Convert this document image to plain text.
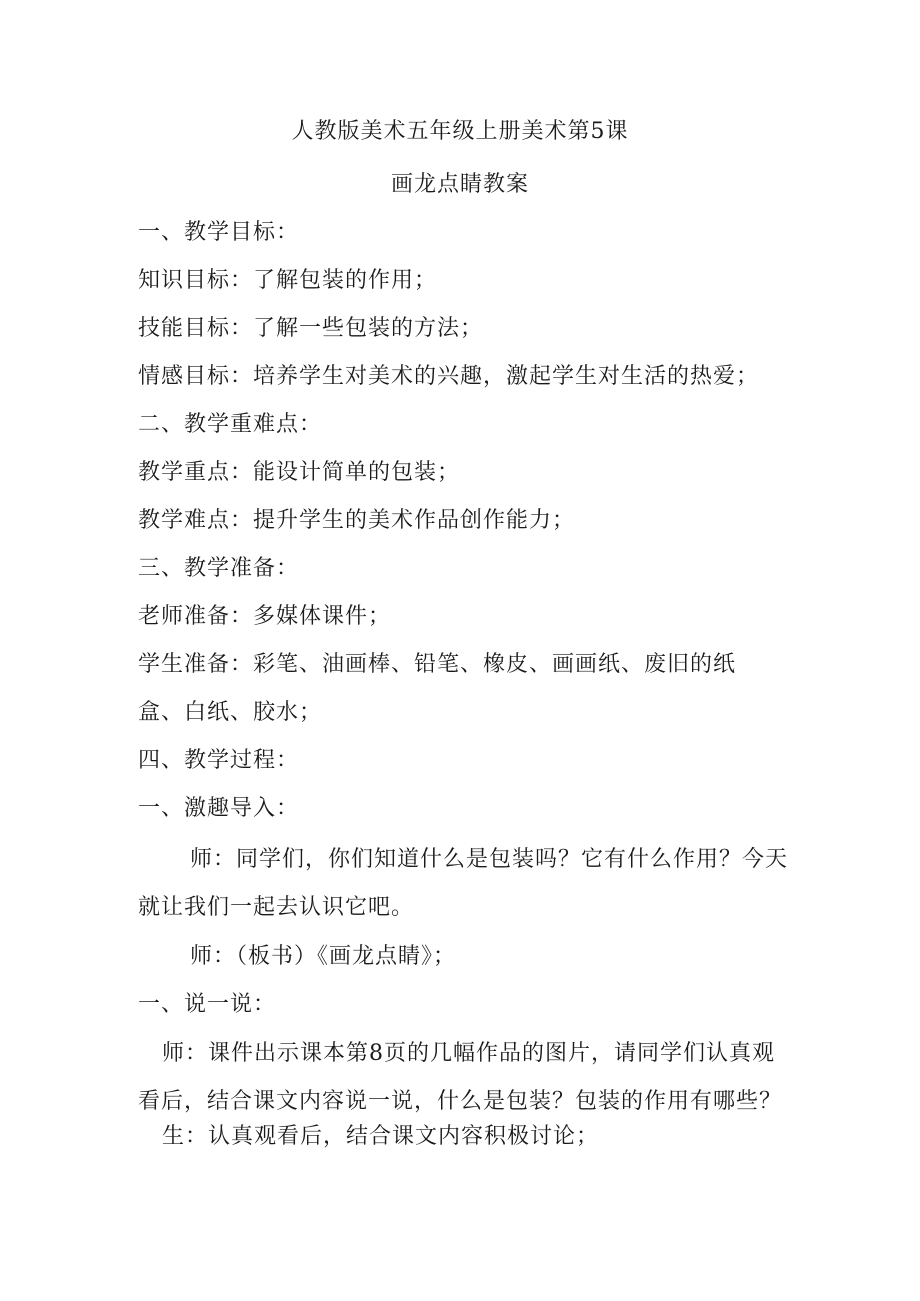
人教版美术五年级上册美术第5课
画龙点睛教案
一、教学目标：
知识目标：了解包装的作用；
技能目标：了解一些包装的方法；
情感目标：培养学生对美术的兴趣，激起学生对生活的热爱；
二、教学重难点：
教学重点：能设计简单的包装；
教学难点：提升学生的美术作品创作能力；
三、教学准备：
老师准备：多媒体课件；
学生准备：彩笔、油画棒、铅笔、橡皮、画画纸、废旧的纸
盒、白纸、胶水；
四、教学过程：
一、激趣导入：
师：同学们，你们知道什么是包装吗？它有什么作用？今天
就让我们一起去认识它吧。
师：（板书）《画龙点睛》；
一、说一说：
师：课件出示课本第8页的几幅作品的图片，请同学们认真观
看后，结合课文内容说一说，什么是包装？包装的作用有哪些？
生：认真观看后，结合课文内容积极讨论；
